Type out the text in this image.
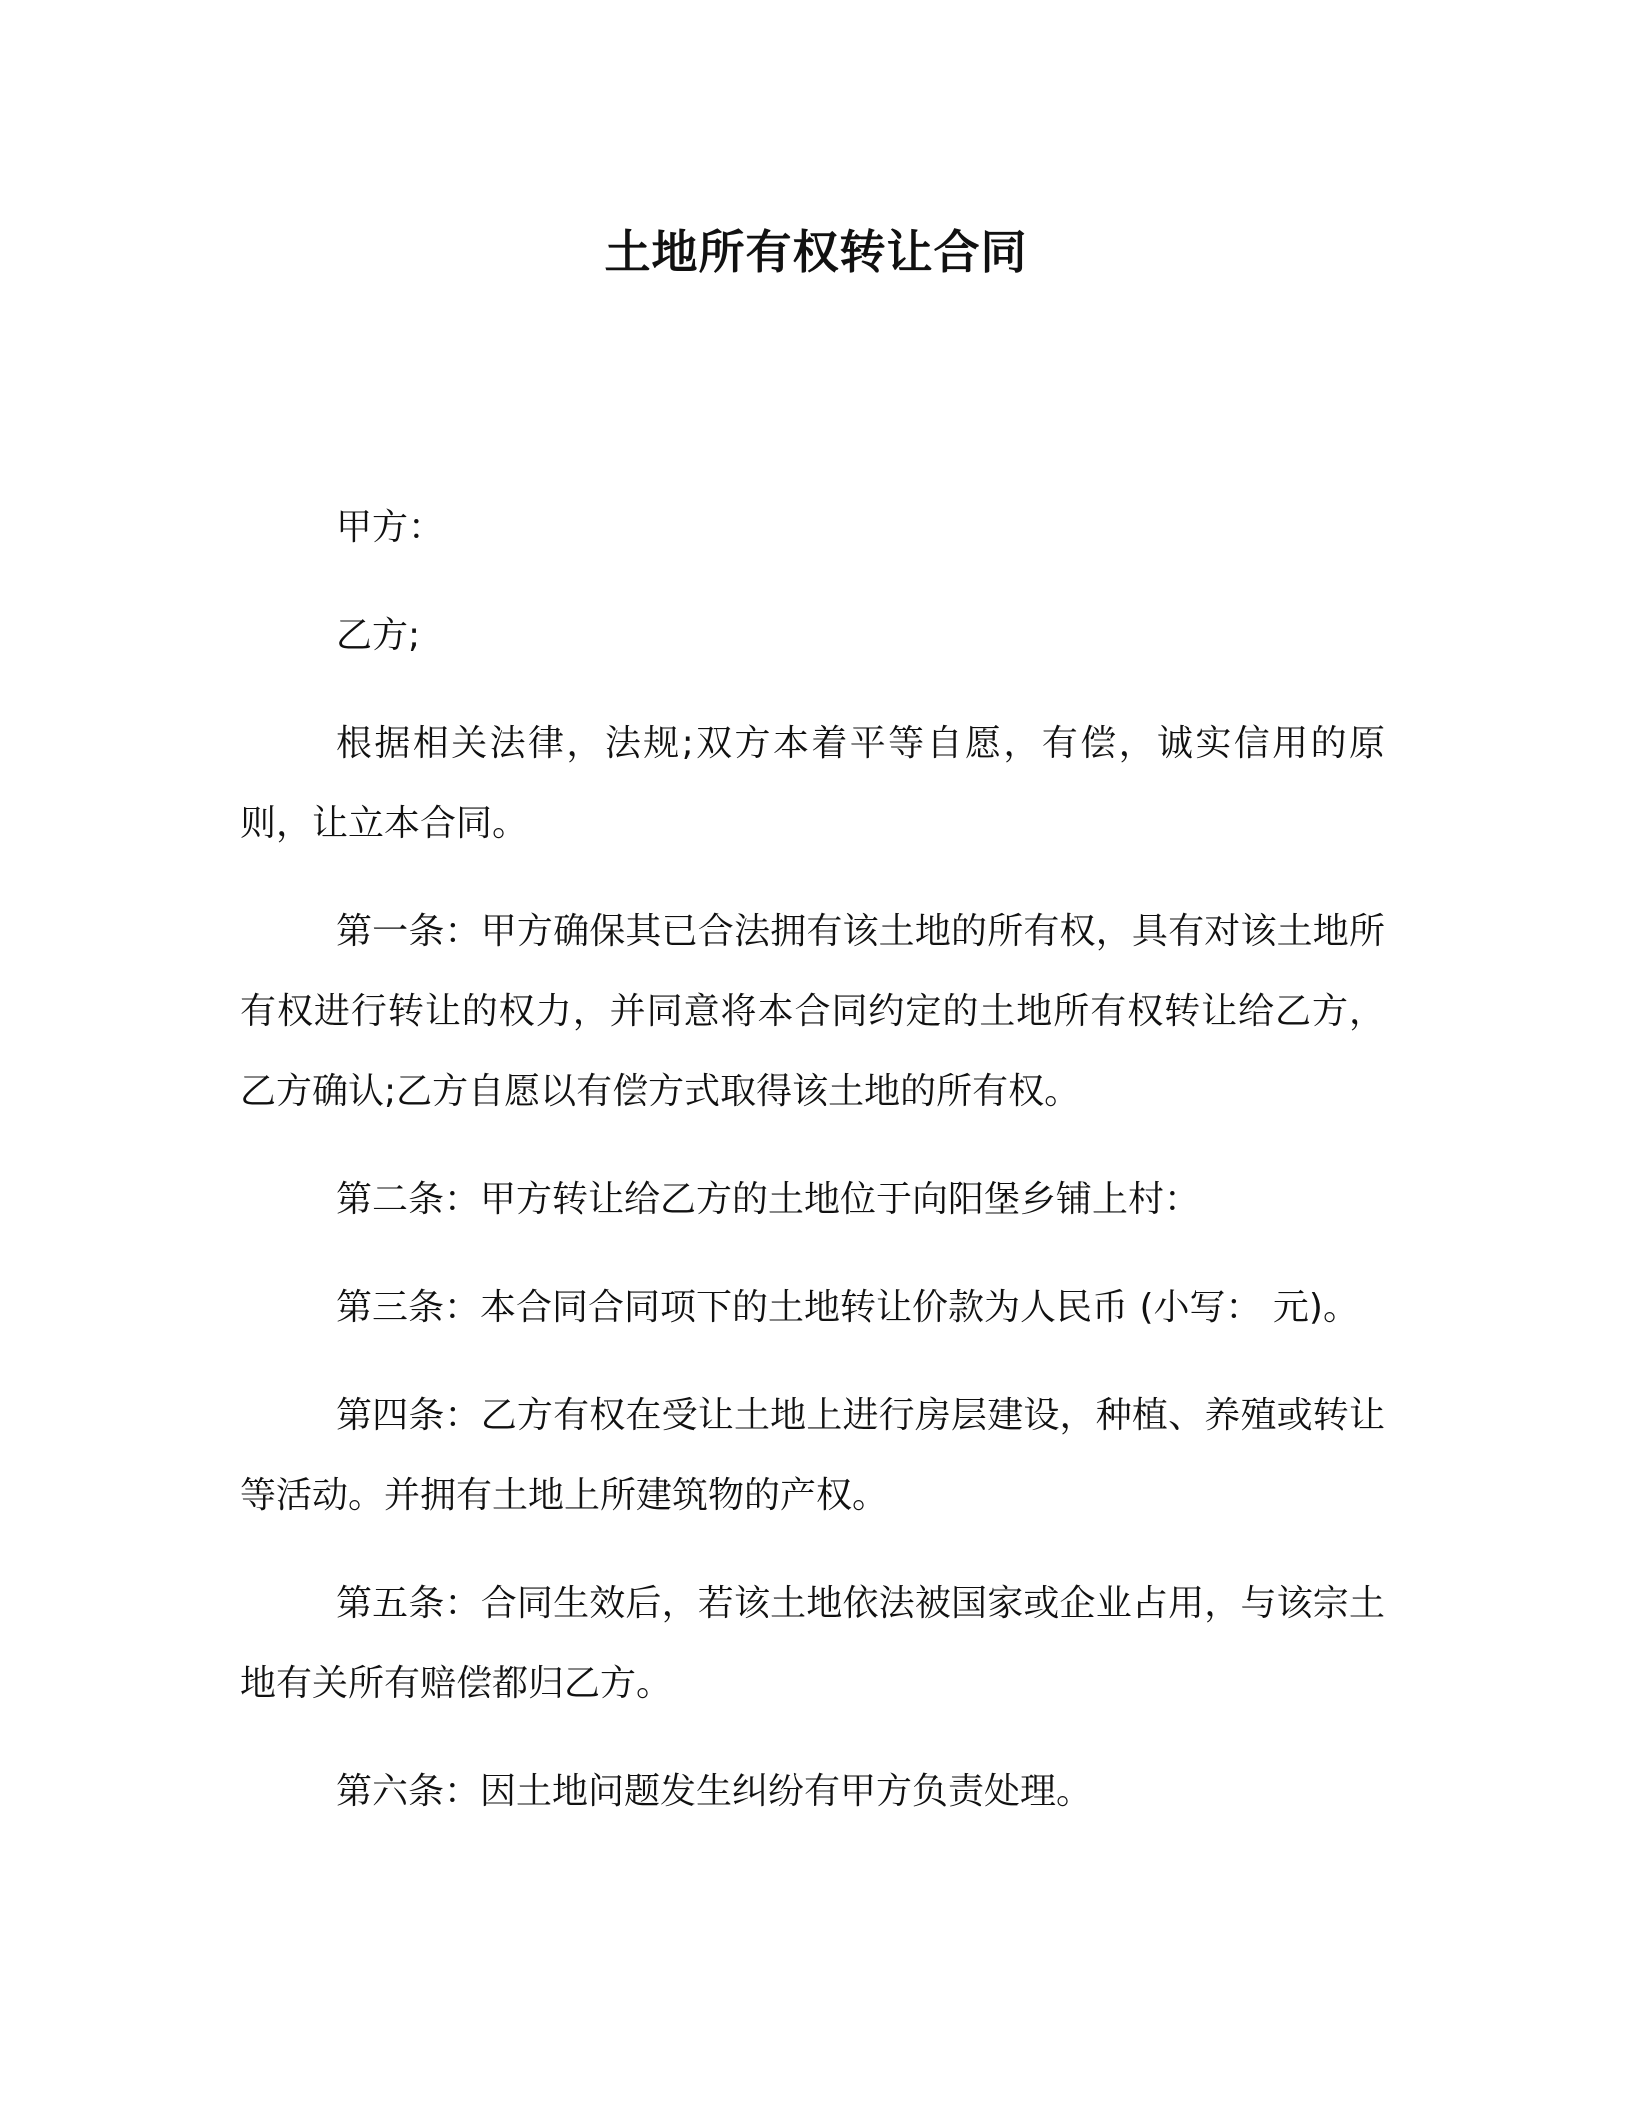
土地所有权转让合同

甲方：

乙方;

根据相关法律，法规;双方本着平等自愿，有偿，诚实信用的原则，让立本合同。

第一条：甲方确保其已合法拥有该土地的所有权，具有对该土地所有权进行转让的权力，并同意将本合同约定的土地所有权转让给乙方，乙方确认;乙方自愿以有偿方式取得该土地的所有权。

第二条：甲方转让给乙方的土地位于向阳堡乡铺上村：

第三条：本合同合同项下的土地转让价款为人民币 (小写： 元)。

第四条：乙方有权在受让土地上进行房层建设，种植、养殖或转让等活动。并拥有土地上所建筑物的产权。

第五条：合同生效后，若该土地依法被国家或企业占用，与该宗土地有关所有赔偿都归乙方。

第六条：因土地问题发生纠纷有甲方负责处理。
